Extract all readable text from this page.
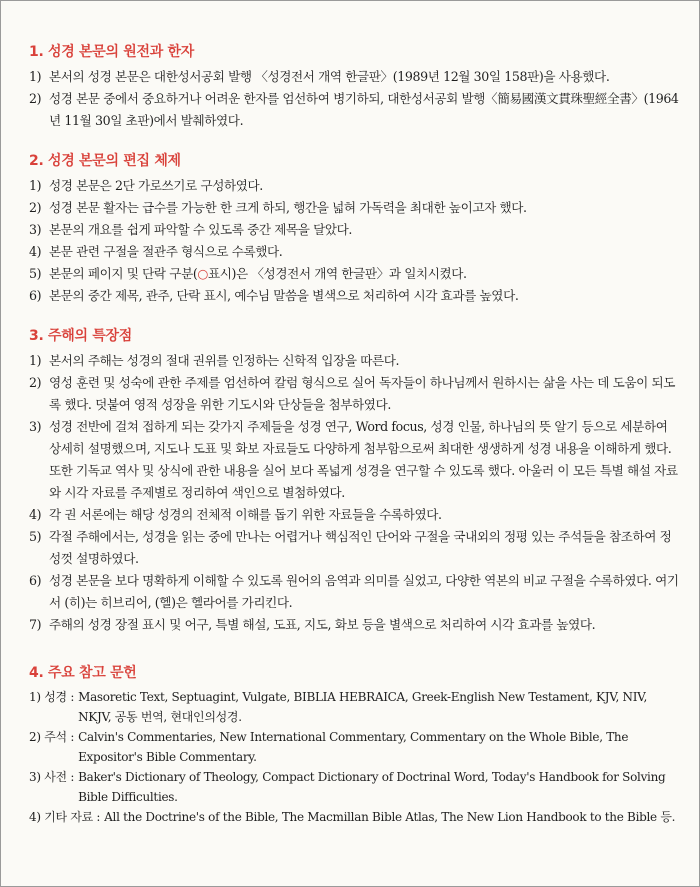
1. 성경 본문의 원전과 한자
1) 본서의 성경 본문은 대한성서공회 발행 〈성경전서 개역 한글판〉(1989년 12월 30일 158판)을 사용했다.
2) 성경 본문 중에서 중요하거나 어려운 한자를 엄선하여 병기하되, 대한성서공회 발행〈簡易國漢文貫珠聖經全書〉(1964년 11월 30일 초판)에서 발췌하였다.
2. 성경 본문의 편집 체제
1) 성경 본문은 2단 가로쓰기로 구성하였다.
2) 성경 본문 활자는 급수를 가능한 한 크게 하되, 행간을 넓혀 가독력을 최대한 높이고자 했다.
3) 본문의 개요를 쉽게 파악할 수 있도록 중간 제목을 달았다.
4) 본문 관련 구절을 절관주 형식으로 수록했다.
5) 본문의 페이지 및 단락 구분(○표시)은 〈성경전서 개역 한글판〉과 일치시켰다.
6) 본문의 중간 제목, 관주, 단락 표시, 예수님 말씀을 별색으로 처리하여 시각 효과를 높였다.
3. 주해의 특장점
1) 본서의 주해는 성경의 절대 권위를 인정하는 신학적 입장을 따른다.
2) 영성 훈련 및 성숙에 관한 주제를 엄선하여 칼럼 형식으로 실어 독자들이 하나님께서 원하시는 삶을 사는 데 도움이 되도록 했다. 덧붙여 영적 성장을 위한 기도시와 단상들을 첨부하였다.
3) 성경 전반에 걸쳐 접하게 되는 갖가지 주제들을 성경 연구, Word focus, 성경 인물, 하나님의 뜻 알기 등으로 세분하여 상세히 설명했으며, 지도나 도표 및 화보 자료들도 다양하게 첨부함으로써 최대한 생생하게 성경 내용을 이해하게 했다. 또한 기독교 역사 및 상식에 관한 내용을 실어 보다 폭넓게 성경을 연구할 수 있도록 했다. 아울러 이 모든 특별 해설 자료와 시각 자료를 주제별로 정리하여 색인으로 별첨하였다.
4) 각 권 서론에는 해당 성경의 전체적 이해를 돕기 위한 자료들을 수록하였다.
5) 각절 주해에서는, 성경을 읽는 중에 만나는 어렵거나 핵심적인 단어와 구절을 국내외의 정평 있는 주석들을 참조하여 정성껏 설명하였다.
6) 성경 본문을 보다 명확하게 이해할 수 있도록 원어의 음역과 의미를 실었고, 다양한 역본의 비교 구절을 수록하였다. 여기서 (히)는 히브리어, (헬)은 헬라어를 가리킨다.
7) 주해의 성경 장절 표시 및 어구, 특별 해설, 도표, 지도, 화보 등을 별색으로 처리하여 시각 효과를 높였다.
4. 주요 참고 문헌
1) 성경 : Masoretic Text, Septuagint, Vulgate, BIBLIA HEBRAICA, Greek-English New Testament, KJV, NIV, NKJV, 공동 번역, 현대인의성경.
2) 주석 : Calvin's Commentaries, New International Commentary, Commentary on the Whole Bible, The Expositor's Bible Commentary.
3) 사전 : Baker's Dictionary of Theology, Compact Dictionary of Doctrinal Word, Today's Handbook for Solving Bible Difficulties.
4) 기타 자료 : All the Doctrine's of the Bible, The Macmillan Bible Atlas, The New Lion Handbook to the Bible 등.
